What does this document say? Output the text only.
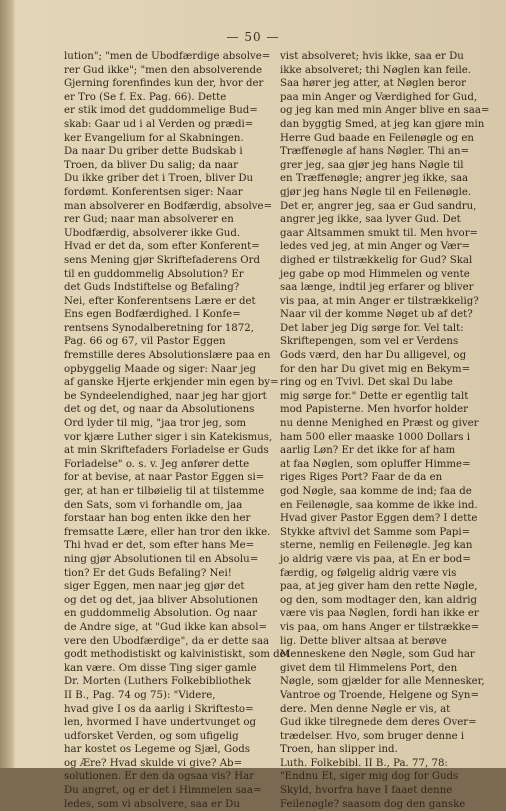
— 50 —
lution"; "men de Ubodfærdige absolve=
rer Gud ikke"; "men den absolverende
Gjerning forenfindes kun der, hvor der
er Tro (Se f. Ex. Pag. 66). Dette
er stik imod det guddommelige Bud=
skab: Gaar ud i al Verden og prædi=
ker Evangelium for al Skabningen.
Da naar Du griber dette Budskab i
Troen, da bliver Du salig; da naar
Du ikke griber det i Troen, bliver Du
fordømt. Konferentsen siger: Naar
man absolverer en Bodfærdig, absolve=
rer Gud; naar man absolverer en
Ubodfærdig, absolverer ikke Gud.
Hvad er det da, som efter Konferent=
sens Mening gjør Skriftefaderens Ord
til en guddommelig Absolution? Er
det Guds Indstiftelse og Befaling?
Nei, efter Konferentsens Lære er det
Ens egen Bodfærdighed. I Konfe=
rentsens Synodalberetning for 1872,
Pag. 66 og 67, vil Pastor Eggen
fremstille deres Absolutionslære paa en
opbyggelig Maade og siger: Naar jeg
af ganske Hjerte erkjender min egen by=
be Syndeelendighed, naar jeg har gjort
det og det, og naar da Absolutionens
Ord lyder til mig, "jaa tror jeg, som
vor kjære Luther siger i sin Katekismus,
at min Skriftefaders Forladelse er Guds
Forladelse" o. s. v. Jeg anfører dette
for at bevise, at naar Pastor Eggen si=
ger, at han er tilbøielig til at tilstemme
den Sats, som vi forhandle om, jaa
forstaar han bog enten ikke den her
fremsatte Lære, eller han tror den ikke.
Thi hvad er det, som efter hans Me=
ning gjør Absolutionen til en Absolu=
tion? Er det Guds Befaling? Nei!
siger Eggen, men naar jeg gjør det
og det og det, jaa bliver Absolutionen
en guddommelig Absolution. Og naar
de Andre sige, at "Gud ikke kan absol=
vere den Ubodfærdige", da er dette saa
godt methodistiskt og kalvinistiskt, som det
kan være. Om disse Ting siger gamle
Dr. Morten (Luthers Folkebibliothek
II B., Pag. 74 og 75): "Videre,
hvad give I os da aarlig i Skriftesto=
len, hvormed I have undertvunget og
udforsket Verden, og som ufigelig
har kostet os Legeme og Sjæl, Gods
og Ære? Hvad skulde vi give? Ab=
solutionen. Er den da ogsaa vis? Har
Du angret, og er det i Himmelen saa=
ledes, som vi absolvere, saa er Du
vist absolveret; hvis ikke, saa er Du
ikke absolveret; thi Nøglen kan feile.
Saa hører jeg atter, at Nøglen beror
paa min Anger og Værdighed for Gud,
og jeg kan med min Anger blive en saa=
dan byggtig Smed, at jeg kan gjøre min
Herre Gud baade en Feilenøgle og en
Træffenøgle af hans Nøgler. Thi an=
grer jeg, saa gjør jeg hans Nøgle til
en Træffenøgle; angrer jeg ikke, saa
gjør jeg hans Nøgle til en Feilenøgle.
Det er, angrer jeg, saa er Gud sandru,
angrer jeg ikke, saa lyver Gud. Det
gaar Altsammen smukt til. Men hvor=
ledes ved jeg, at min Anger og Vær=
dighed er tilstrækkelig for Gud? Skal
jeg gabe op mod Himmelen og vente
saa længe, indtil jeg erfarer og bliver
vis paa, at min Anger er tilstrækkelig?
Naar vil der komme Nøget ub af det?
Det laber jeg Dig sørge for. Vel talt:
Skriftepengen, som vel er Verdens
Gods værd, den har Du alligevel, og
for den har Du givet mig en Bekym=
ring og en Tvivl. Det skal Du labe
mig sørge for." Dette er egentlig talt
mod Papisterne. Men hvorfor holder
nu denne Menighed en Præst og giver
ham 500 eller maaske 1000 Dollars i
aarlig Løn? Er det ikke for af ham
at faa Nøglen, som opluffer Himme=
riges Riges Port? Faar de da en
god Nøgle, saa komme de ind; faa de
en Feilenøgle, saa komme de ikke ind.
Hvad giver Pastor Eggen dem? I dette
Stykke aftvivl det Samme som Papi=
sterne, nemlig en Feilenøgle. Jeg kan
jo aldrig være vis paa, at En er bod=
færdig, og følgelig aldrig være vis
paa, at jeg giver ham den rette Nøgle,
og den, som modtager den, kan aldrig
være vis paa Nøglen, fordi han ikke er
vis paa, om hans Anger er tilstrække=
lig. Dette bliver altsaa at berøve
Menneskene den Nøgle, som Gud har
givet dem til Himmelens Port, den
Nøgle, som gjælder for alle Mennesker,
Vantroe og Troende, Helgene og Syn=
dere. Men denne Nøgle er vis, at
Gud ikke tilregnede dem deres Over=
trædelser. Hvo, som bruger denne i
Troen, han slipper ind.
Luth. Folkebibl. II B., Pa. 77, 78:
"Endnu Et, siger mig dog for Guds
Skyld, hvorfra have I faaet denne
Feilenøgle? saasom dog den ganske
